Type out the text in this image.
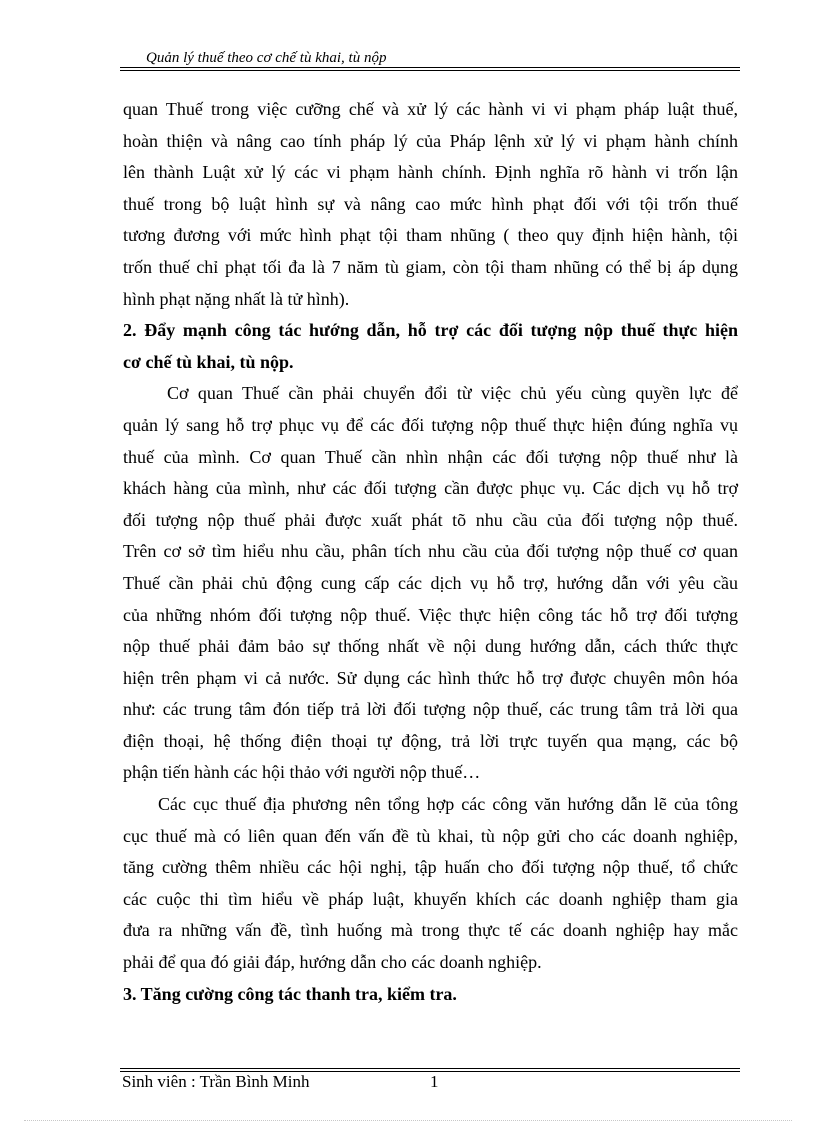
Quản lý thuế theo cơ chế tù khai, tù nộp
quan Thuế trong việc cưỡng chế và xử lý các hành vi vi phạm pháp luật thuế,
hoàn thiện và nâng cao tính pháp lý của Pháp lệnh xử lý vi phạm hành chính
lên thành Luật xử lý các vi phạm hành chính. Định nghĩa rõ hành vi trốn lận
thuế trong bộ luật hình sự và nâng cao mức hình phạt đối với tội trốn thuế
tương đương với mức hình phạt tội tham nhũng ( theo quy định hiện hành, tội
trốn thuế chỉ phạt tối đa là 7 năm tù giam, còn tội tham nhũng có thể bị áp dụng
hình phạt nặng nhất là tử hình).
2. Đẩy mạnh công tác hướng dẫn, hỗ trợ các đối tượng nộp thuế thực hiện
cơ chế tù khai, tù nộp.
Cơ quan Thuế cần phải chuyển đổi từ việc chủ yếu cùng quyền lực để
quản lý sang hỗ trợ phục vụ để các đối tượng nộp thuế thực hiện đúng nghĩa vụ
thuế của mình. Cơ quan Thuế cần nhìn nhận các đối tượng nộp thuế như là
khách hàng của mình, như các đối tượng cần được phục vụ. Các dịch vụ hỗ trợ
đối tượng nộp thuế phải được xuất phát tõ nhu cầu của đối tượng nộp thuế.
Trên cơ sở tìm hiểu nhu cầu, phân tích nhu cầu của đối tượng nộp thuế cơ quan
Thuế cần phải chủ động cung cấp các dịch vụ hỗ trợ, hướng dẫn với yêu cầu
của những nhóm đối tượng nộp thuế. Việc thực hiện công tác hỗ trợ đối tượng
nộp thuế phải đảm bảo sự thống nhất về nội dung hướng dẫn, cách thức thực
hiện trên phạm vi cả nước. Sử dụng các hình thức hỗ trợ được chuyên môn hóa
như: các trung tâm đón tiếp trả lời đối tượng nộp thuế, các trung tâm trả lời qua
điện thoại, hệ thống điện thoại tự động, trả lời trực tuyến qua mạng, các bộ
phận tiến hành các hội thảo với người nộp thuế…
Các cục thuế địa phương nên tổng hợp các công văn hướng dẫn lẽ của tông
cục thuế mà có liên quan đến vấn đề tù khai, tù nộp gửi cho các doanh nghiệp,
tăng cường thêm nhiều các hội nghị, tập huấn cho đối tượng nộp thuế, tổ chức
các cuộc thi tìm hiểu về pháp luật, khuyến khích các doanh nghiệp tham gia
đưa ra những vấn đề, tình huống mà trong thực tế các doanh nghiệp hay mắc
phải để qua đó giải đáp, hướng dẫn cho các doanh nghiệp.
3. Tăng cường công tác thanh tra, kiểm tra.
Sinh viên : Trần Bình Minh	1
